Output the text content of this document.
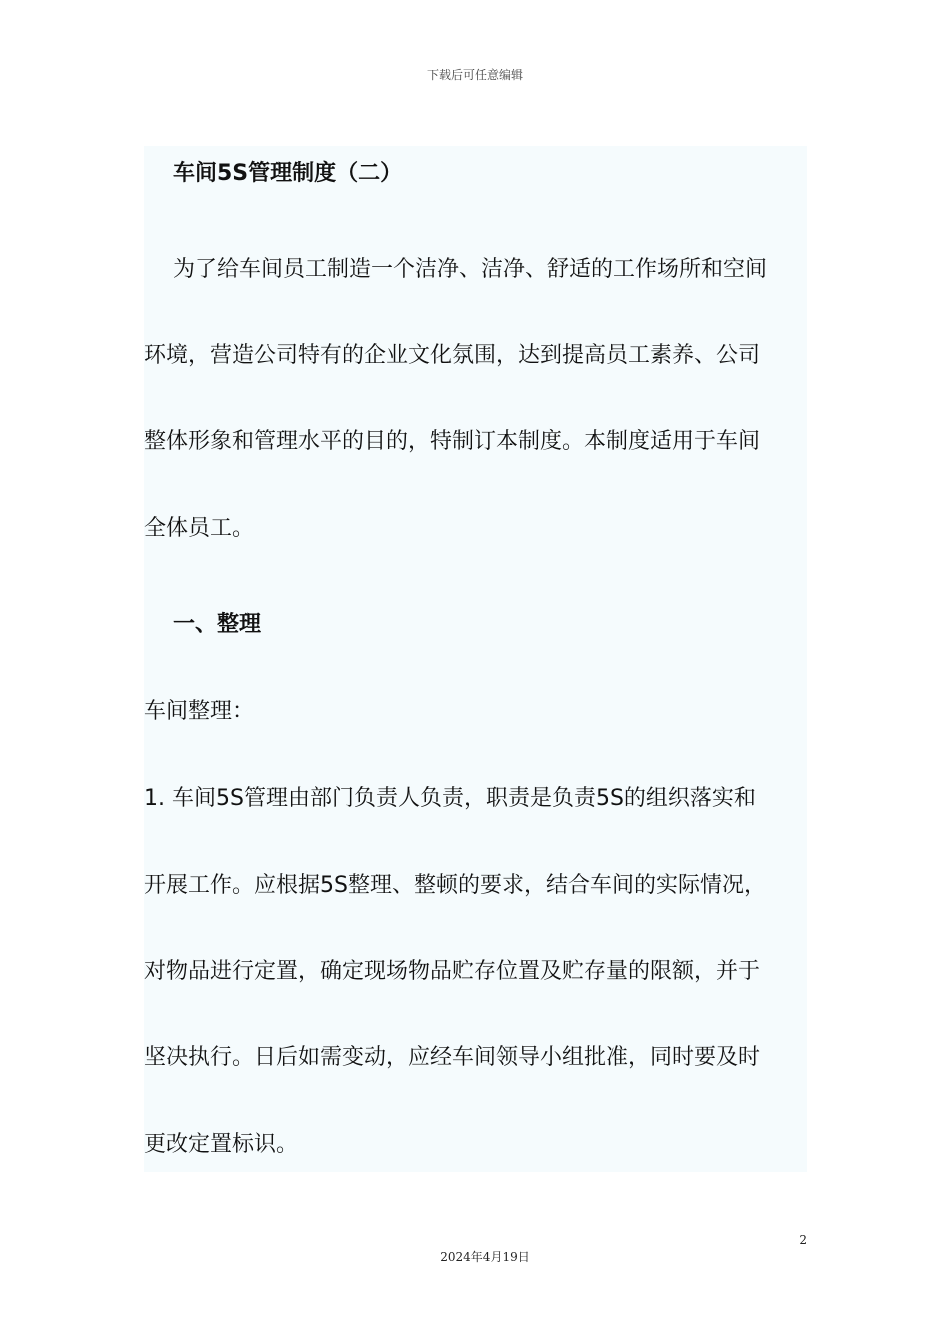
下载后可任意编辑
车间5S管理制度（二）
为了给车间员工制造一个洁净、洁净、舒适的工作场所和空间
环境，营造公司特有的企业文化氛围，达到提高员工素养、公司
整体形象和管理水平的目的，特制订本制度。本制度适用于车间
全体员工。
一、整理
车间整理：
1. 车间5S管理由部门负责人负责，职责是负责5S的组织落实和
开展工作。应根据5S整理、整顿的要求，结合车间的实际情况，
对物品进行定置，确定现场物品贮存位置及贮存量的限额，并于
坚决执行。日后如需变动，应经车间领导小组批准，同时要及时
更改定置标识。
2
2024年4月19日
